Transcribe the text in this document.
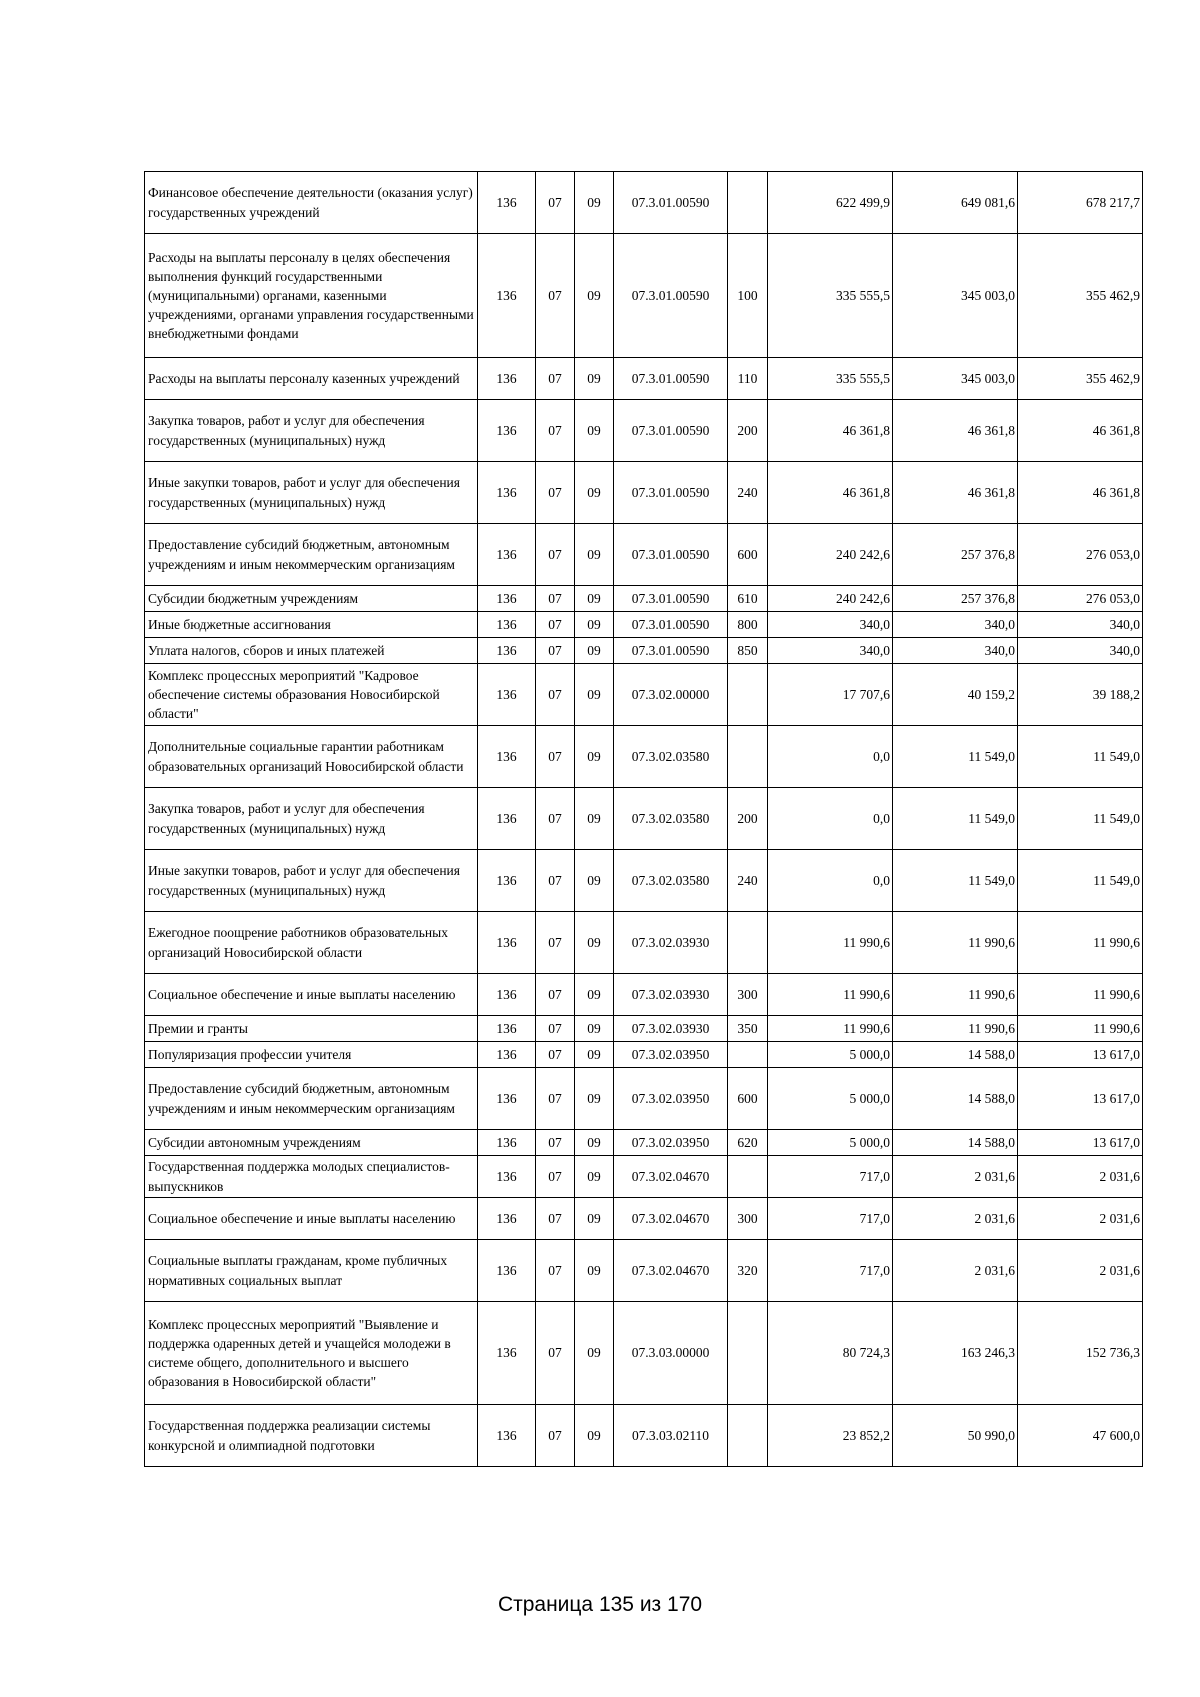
Финансовое обеспечение деятельности (оказания услуг) государственных учреждений	136	07	09	07.3.01.00590		622 499,9	649 081,6	678 217,7
Расходы на выплаты персоналу в целях обеспечения выполнения функций государственными (муниципальными) органами, казенными учреждениями, органами управления государственными внебюджетными фондами	136	07	09	07.3.01.00590	100	335 555,5	345 003,0	355 462,9
Расходы на выплаты персоналу казенных учреждений	136	07	09	07.3.01.00590	110	335 555,5	345 003,0	355 462,9
Закупка товаров, работ и услуг для обеспечения государственных (муниципальных) нужд	136	07	09	07.3.01.00590	200	46 361,8	46 361,8	46 361,8
Иные закупки товаров, работ и услуг для обеспечения государственных (муниципальных) нужд	136	07	09	07.3.01.00590	240	46 361,8	46 361,8	46 361,8
Предоставление субсидий бюджетным, автономным учреждениям и иным некоммерческим организациям	136	07	09	07.3.01.00590	600	240 242,6	257 376,8	276 053,0
Субсидии бюджетным учреждениям	136	07	09	07.3.01.00590	610	240 242,6	257 376,8	276 053,0
Иные бюджетные ассигнования	136	07	09	07.3.01.00590	800	340,0	340,0	340,0
Уплата налогов, сборов и иных платежей	136	07	09	07.3.01.00590	850	340,0	340,0	340,0
Комплекс процессных мероприятий "Кадровое обеспечение системы образования Новосибирской области"	136	07	09	07.3.02.00000		17 707,6	40 159,2	39 188,2
Дополнительные социальные гарантии работникам образовательных организаций Новосибирской области	136	07	09	07.3.02.03580		0,0	11 549,0	11 549,0
Закупка товаров, работ и услуг для обеспечения государственных (муниципальных) нужд	136	07	09	07.3.02.03580	200	0,0	11 549,0	11 549,0
Иные закупки товаров, работ и услуг для обеспечения государственных (муниципальных) нужд	136	07	09	07.3.02.03580	240	0,0	11 549,0	11 549,0
Ежегодное поощрение работников образовательных организаций Новосибирской области	136	07	09	07.3.02.03930		11 990,6	11 990,6	11 990,6
Социальное обеспечение и иные выплаты населению	136	07	09	07.3.02.03930	300	11 990,6	11 990,6	11 990,6
Премии и гранты	136	07	09	07.3.02.03930	350	11 990,6	11 990,6	11 990,6
Популяризация профессии учителя	136	07	09	07.3.02.03950		5 000,0	14 588,0	13 617,0
Предоставление субсидий бюджетным, автономным учреждениям и иным некоммерческим организациям	136	07	09	07.3.02.03950	600	5 000,0	14 588,0	13 617,0
Субсидии автономным учреждениям	136	07	09	07.3.02.03950	620	5 000,0	14 588,0	13 617,0
Государственная поддержка молодых специалистов-выпускников	136	07	09	07.3.02.04670		717,0	2 031,6	2 031,6
Социальное обеспечение и иные выплаты населению	136	07	09	07.3.02.04670	300	717,0	2 031,6	2 031,6
Социальные выплаты гражданам, кроме публичных нормативных социальных выплат	136	07	09	07.3.02.04670	320	717,0	2 031,6	2 031,6
Комплекс процессных мероприятий "Выявление и поддержка одаренных детей и учащейся молодежи в системе общего, дополнительного и высшего образования в Новосибирской области"	136	07	09	07.3.03.00000		80 724,3	163 246,3	152 736,3
Государственная поддержка реализации системы конкурсной и олимпиадной подготовки	136	07	09	07.3.03.02110		23 852,2	50 990,0	47 600,0
Страница 135 из 170
